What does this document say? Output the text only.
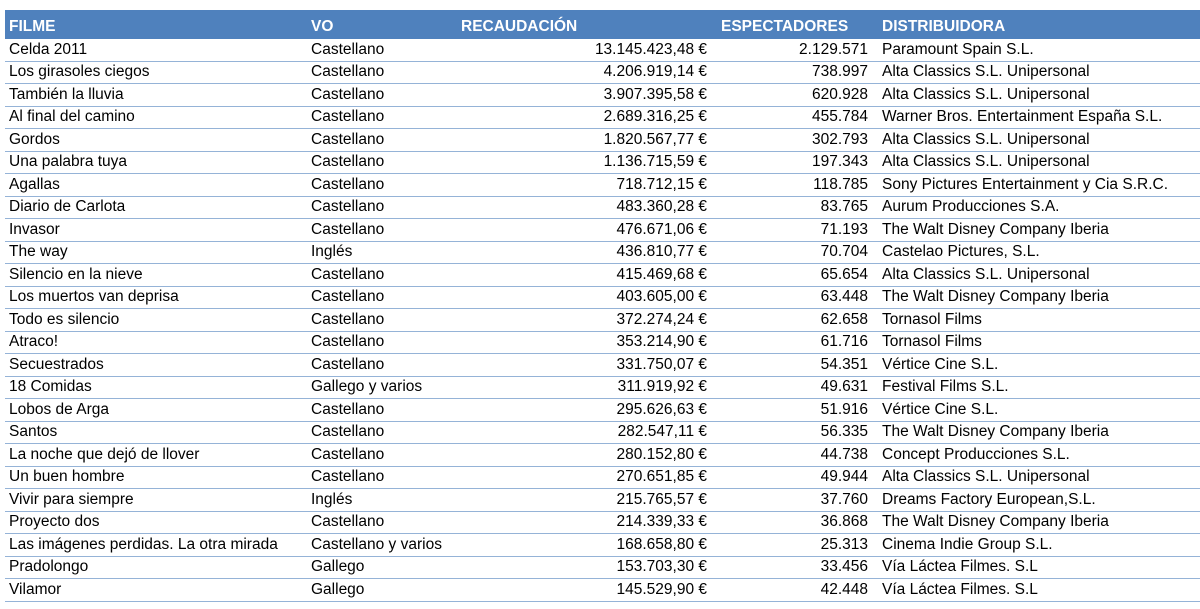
FILME	VO	RECAUDACIÓN	ESPECTADORES	DISTRIBUIDORA
Celda 2011	Castellano	13.145.423,48 €	2.129.571	Paramount Spain S.L.
Los girasoles ciegos	Castellano	4.206.919,14 €	738.997	Alta Classics S.L. Unipersonal
También la lluvia	Castellano	3.907.395,58 €	620.928	Alta Classics S.L. Unipersonal
Al final del camino	Castellano	2.689.316,25 €	455.784	Warner Bros. Entertainment España S.L.
Gordos	Castellano	1.820.567,77 €	302.793	Alta Classics S.L. Unipersonal
Una palabra tuya	Castellano	1.136.715,59 €	197.343	Alta Classics S.L. Unipersonal
Agallas	Castellano	718.712,15 €	118.785	Sony Pictures Entertainment y Cia S.R.C.
Diario de Carlota	Castellano	483.360,28 €	83.765	Aurum Producciones S.A.
Invasor	Castellano	476.671,06 €	71.193	The Walt Disney Company Iberia
The way	Inglés	436.810,77 €	70.704	Castelao Pictures, S.L.
Silencio en la nieve	Castellano	415.469,68 €	65.654	Alta Classics S.L. Unipersonal
Los muertos van deprisa	Castellano	403.605,00 €	63.448	The Walt Disney Company Iberia
Todo es silencio	Castellano	372.274,24 €	62.658	Tornasol Films
Atraco!	Castellano	353.214,90 €	61.716	Tornasol Films
Secuestrados	Castellano	331.750,07 €	54.351	Vértice Cine S.L.
18 Comidas	Gallego y varios	311.919,92 €	49.631	Festival Films S.L.
Lobos de Arga	Castellano	295.626,63 €	51.916	Vértice Cine S.L.
Santos	Castellano	282.547,11 €	56.335	The Walt Disney Company Iberia
La noche que dejó de llover	Castellano	280.152,80 €	44.738	Concept Producciones S.L.
Un buen hombre	Castellano	270.651,85 €	49.944	Alta Classics S.L. Unipersonal
Vivir para siempre	Inglés	215.765,57 €	37.760	Dreams Factory European,S.L.
Proyecto dos	Castellano	214.339,33 €	36.868	The Walt Disney Company Iberia
Las imágenes perdidas. La otra mirada	Castellano y varios	168.658,80 €	25.313	Cinema Indie Group S.L.
Pradolongo	Gallego	153.703,30 €	33.456	Vía Láctea Filmes. S.L
Vilamor	Gallego	145.529,90 €	42.448	Vía Láctea Filmes. S.L
